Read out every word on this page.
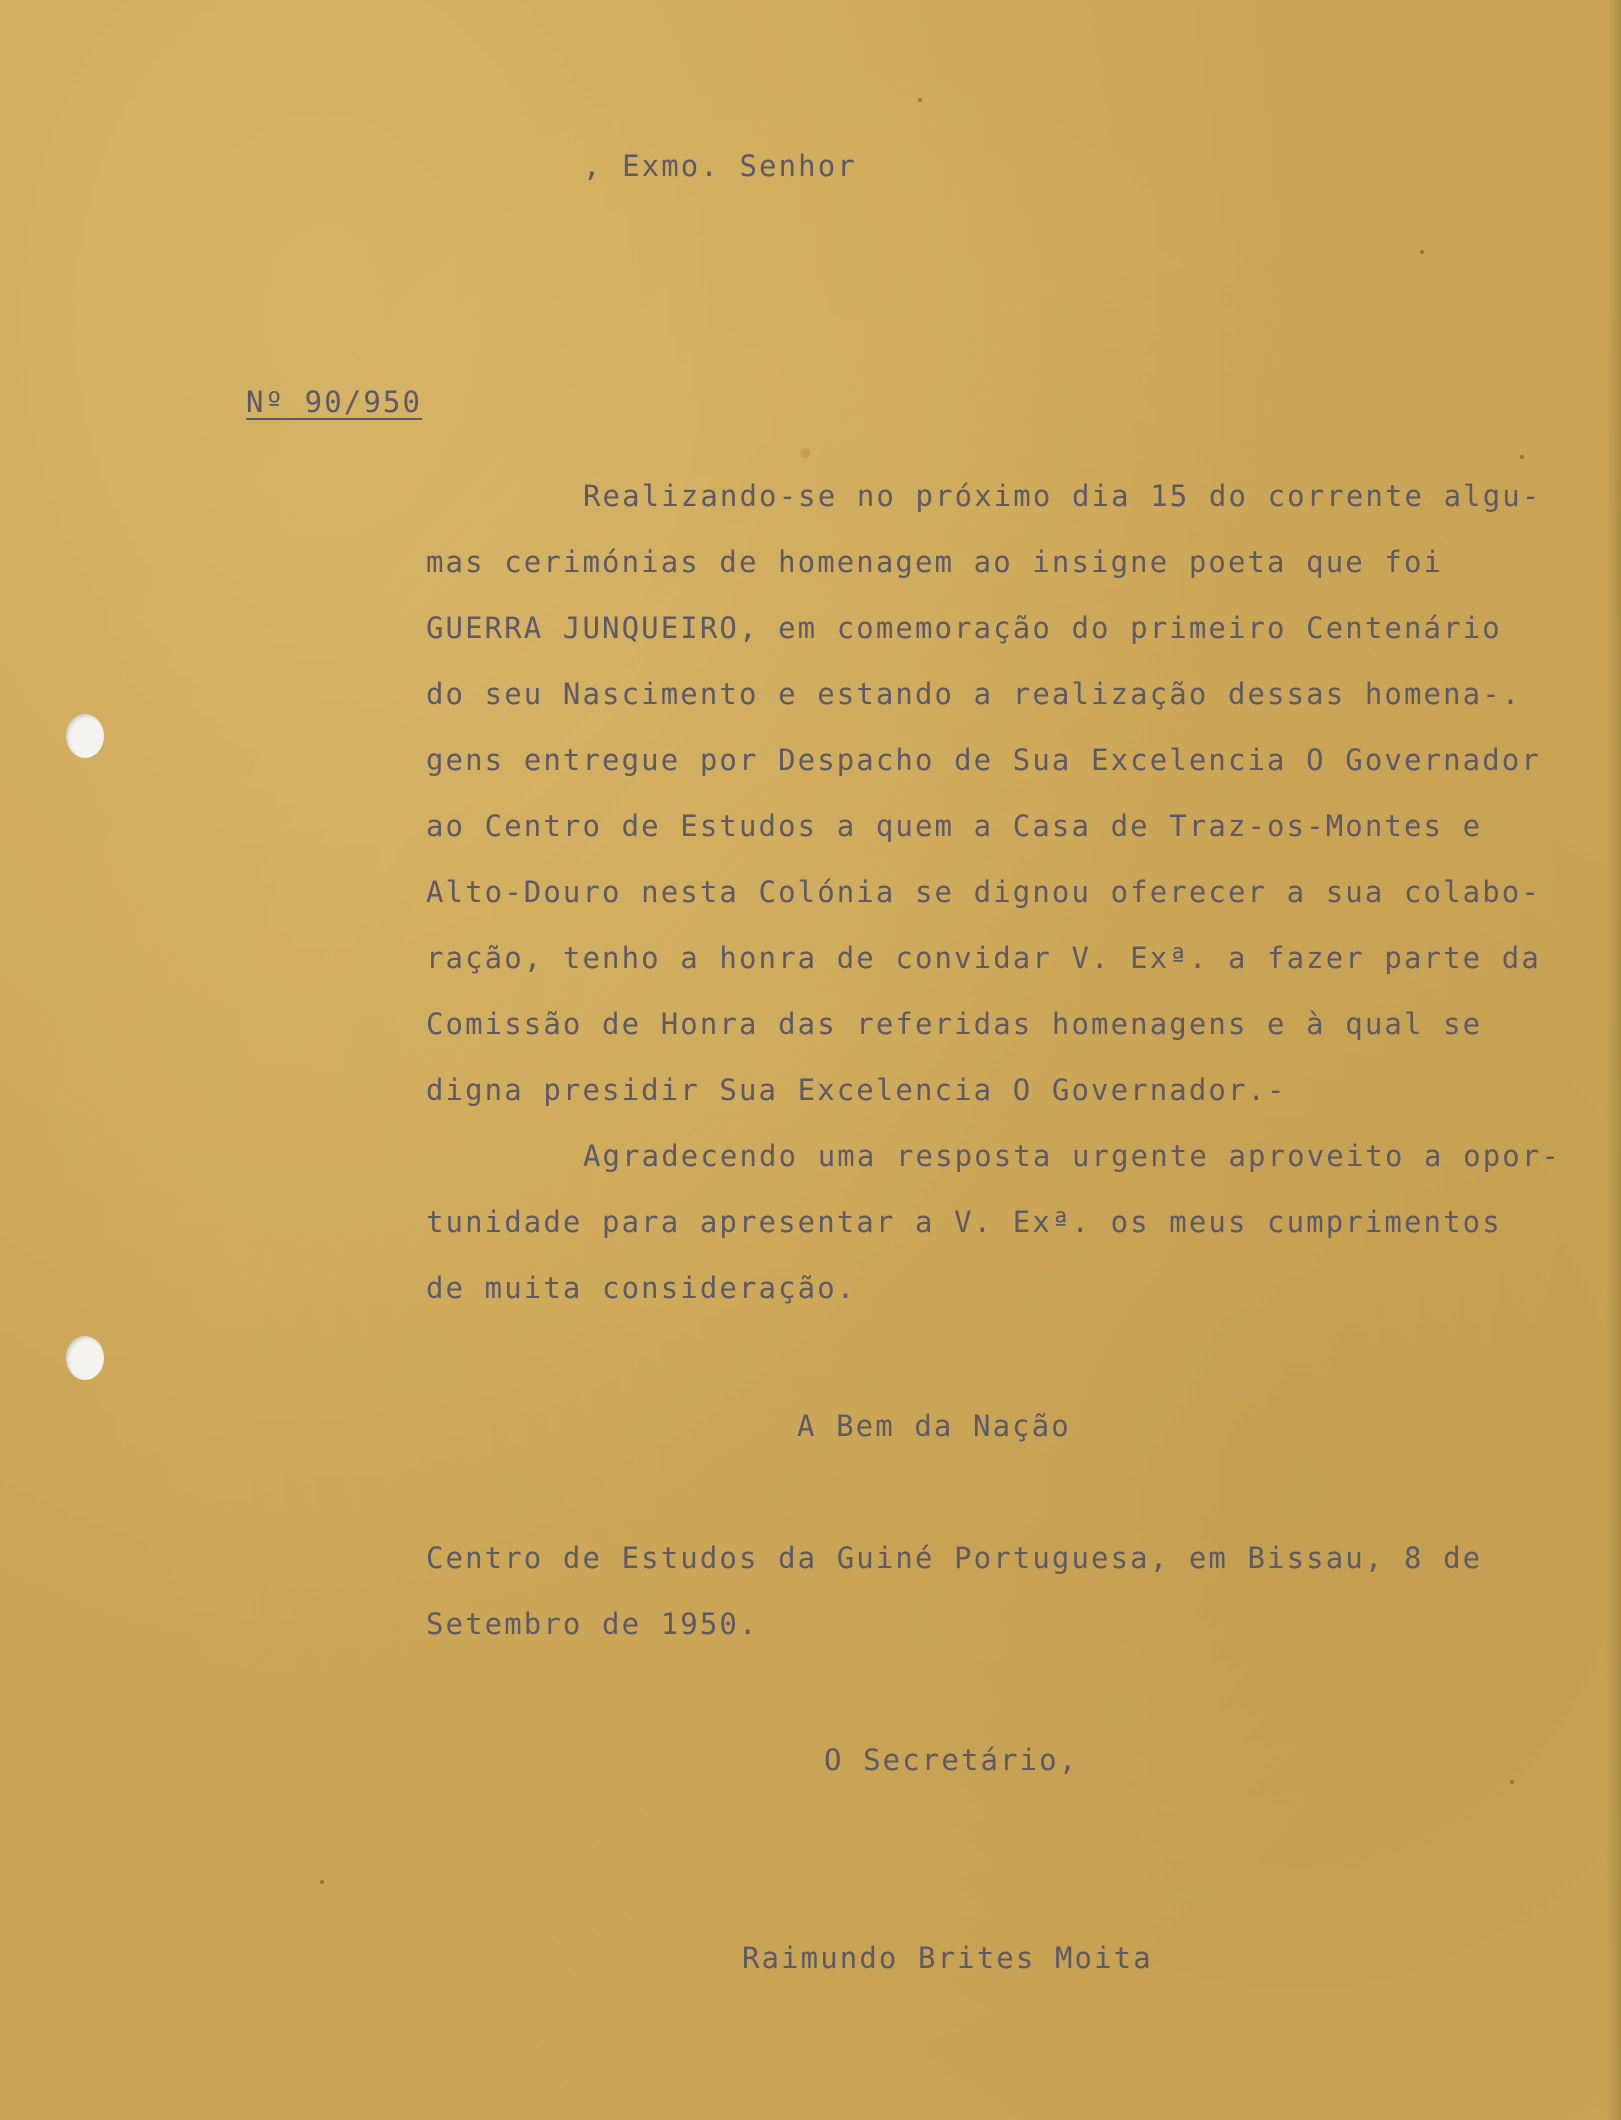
, Exmo. Senhor
Nº 90/950
Realizando-se no próximo dia 15 do corrente algu-
mas cerimónias de homenagem ao insigne poeta que foi
GUERRA JUNQUEIRO, em comemoração do primeiro Centenário
do seu Nascimento e estando a realização dessas homena-.
gens entregue por Despacho de Sua Excelencia O Governador
ao Centro de Estudos a quem a Casa de Traz-os-Montes e
Alto-Douro nesta Colónia se dignou oferecer a sua colabo-
ração, tenho a honra de convidar V. Exª. a fazer parte da
Comissão de Honra das referidas homenagens e à qual se
digna presidir Sua Excelencia O Governador.-
Agradecendo uma resposta urgente aproveito a opor-
tunidade para apresentar a V. Exª. os meus cumprimentos
de muita consideração.
A Bem da Nação
Centro de Estudos da Guiné Portuguesa, em Bissau, 8 de
Setembro de 1950.
O Secretário,
Raimundo Brites Moita
